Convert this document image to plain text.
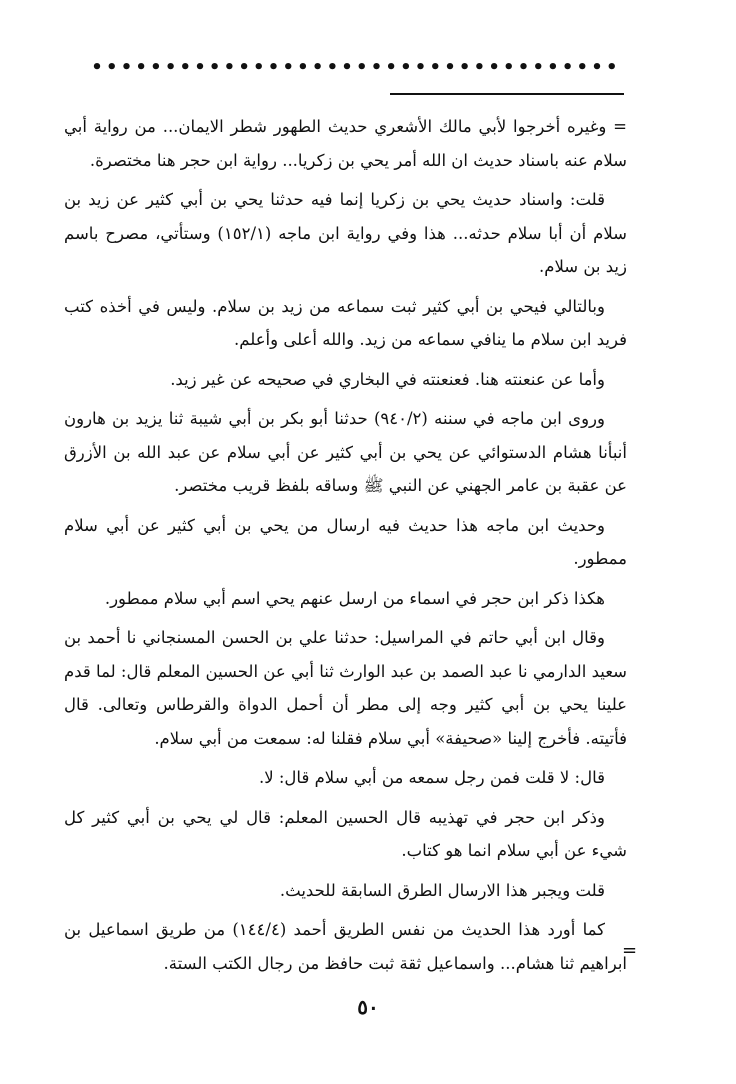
••••••••••••••••••••••••••••••••••••

= وغيره أخرجوا لأبي مالك الأشعري حديث الطهور شطر الايمان... من رواية أبي سلام عنه باسناد حديث ان الله أمر يحي بن زكريا... رواية ابن حجر هنا مختصرة.

قلت: واسناد حديث يحي بن زكريا إنما فيه حدثنا يحي بن أبي كثير عن زيد بن سلام أن أبا سلام حدثه... هذا وفي رواية ابن ماجه (١٥٢/١) وستأتي، مصرح باسم زيد بن سلام.

وبالتالي فيحي بن أبي كثير ثبت سماعه من زيد بن سلام. وليس في أخذه كتب فريد ابن سلام ما ينافي سماعه من زيد. والله أعلى وأعلم.

وأما عن عنعنته هنا. فعنعنته في البخاري في صحيحه عن غير زيد.

وروى ابن ماجه في سننه (٩٤٠/٢) حدثنا أبو بكر بن أبي شيبة ثنا يزيد بن هارون أنبأنا هشام الدستوائي عن يحي بن أبي كثير عن أبي سلام عن عبد الله بن الأزرق عن عقبة بن عامر الجهني عن النبي ﷺ وساقه بلفظ قريب مختصر.

وحديث ابن ماجه هذا حديث فيه ارسال من يحي بن أبي كثير عن أبي سلام ممطور.

هكذا ذكر ابن حجر في اسماء من ارسل عنهم يحي اسم أبي سلام ممطور.

وقال ابن أبي حاتم في المراسيل: حدثنا علي بن الحسن المسنجاني نا أحمد بن سعيد الدارمي نا عبد الصمد بن عبد الوارث ثنا أبي عن الحسين المعلم قال: لما قدم علينا يحي بن أبي كثير وجه إلى مطر أن أحمل الدواة والقرطاس وتعالى. قال فأتيته. فأخرج إلينا «صحيفة» أبي سلام فقلنا له: سمعت من أبي سلام.

قال: لا قلت فمن رجل سمعه من أبي سلام قال: لا.

وذكر ابن حجر في تهذيبه قال الحسين المعلم: قال لي يحي بن أبي كثير كل شيء عن أبي سلام انما هو كتاب.

قلت ويجبر هذا الارسال الطرق السابقة للحديث.

كما أورد هذا الحديث من نفس الطريق أحمد (١٤٤/٤) من طريق اسماعيل بن ابراهيم ثنا هشام... واسماعيل ثقة ثبت حافظ من رجال الكتب الستة.

=
٥٠
